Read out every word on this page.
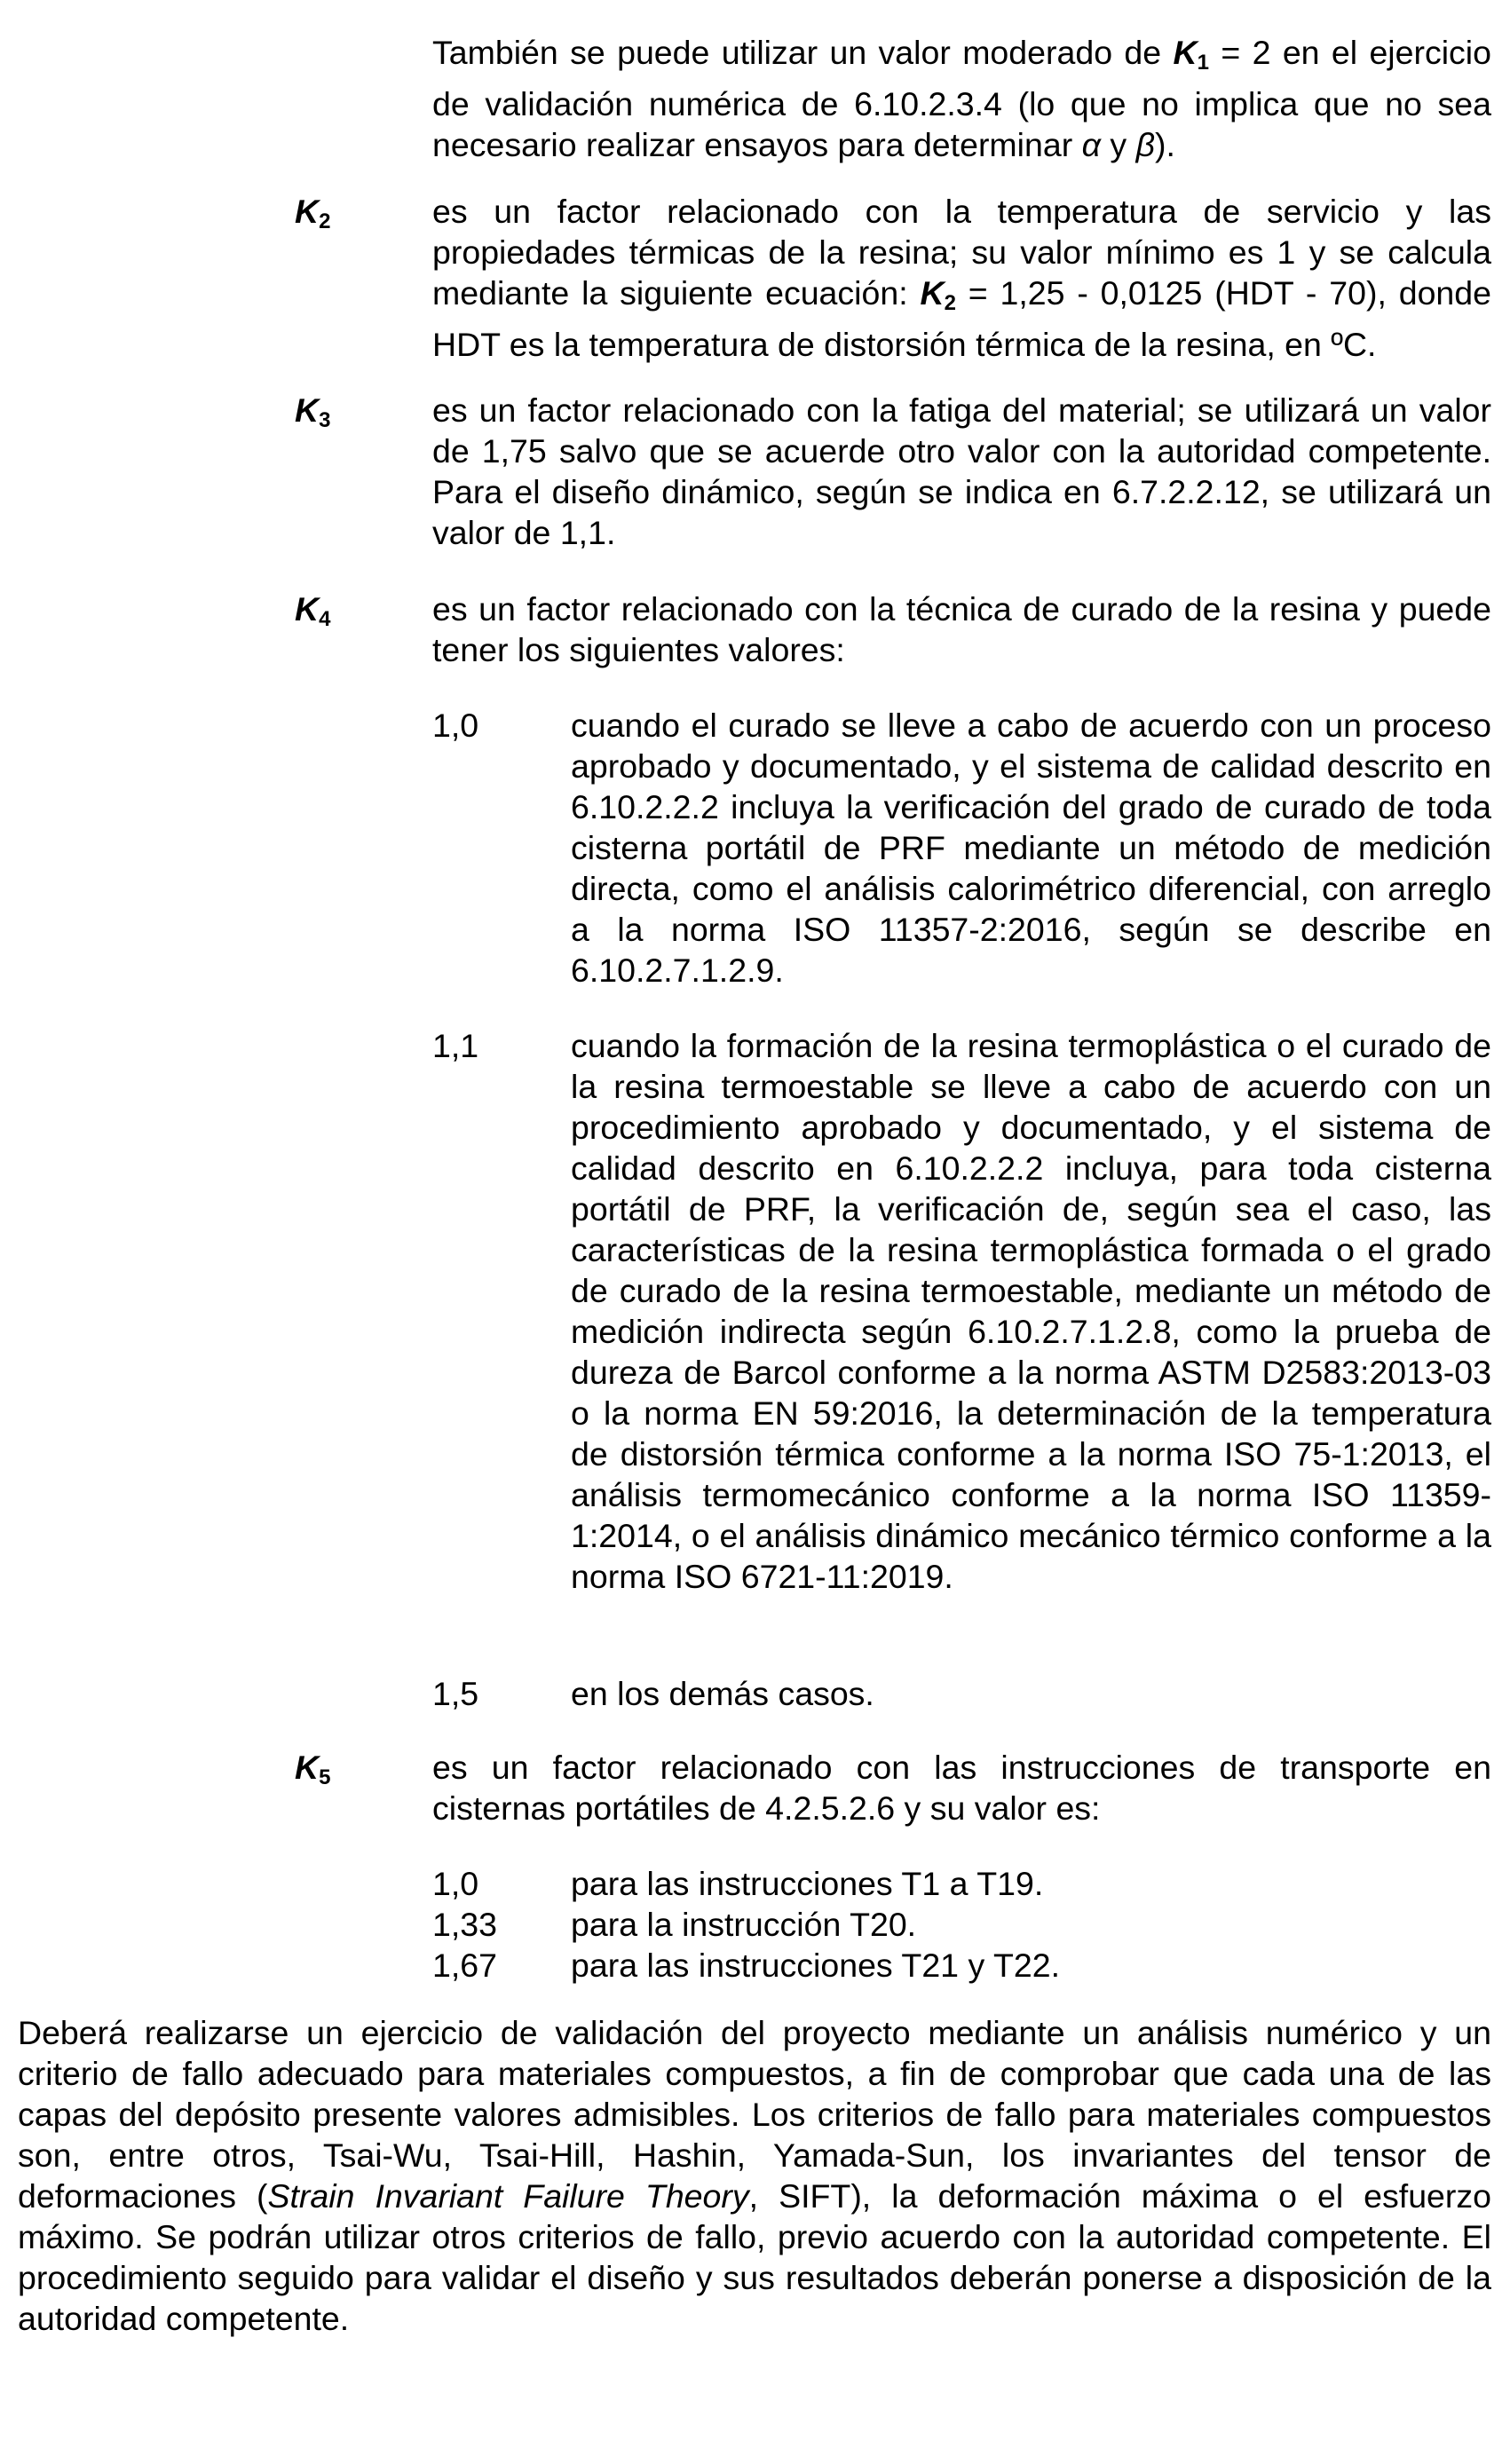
También se puede utilizar un valor moderado de $K_1 = 2$ en el ejercicio de validación numérica de 6.10.2.3.4 (lo que no implica que no sea necesario realizar ensayos para determinar α y β).

$K_2$	es un factor relacionado con la temperatura de servicio y las propiedades térmicas de la resina; su valor mínimo es 1 y se calcula mediante la siguiente ecuación: $K_2 = 1,25 - 0,0125$ (HDT - 70), donde HDT es la temperatura de distorsión térmica de la resina, en ºC.

$K_3$	es un factor relacionado con la fatiga del material; se utilizará un valor de 1,75 salvo que se acuerde otro valor con la autoridad competente. Para el diseño dinámico, según se indica en 6.7.2.2.12, se utilizará un valor de 1,1.

$K_4$	es un factor relacionado con la técnica de curado de la resina y puede tener los siguientes valores:

1,0	cuando el curado se lleve a cabo de acuerdo con un proceso aprobado y documentado, y el sistema de calidad descrito en 6.10.2.2.2 incluya la verificación del grado de curado de toda cisterna portátil de PRF mediante un método de medición directa, como el análisis calorimétrico diferencial, con arreglo a la norma ISO 11357-2:2016, según se describe en 6.10.2.7.1.2.9.

1,1	cuando la formación de la resina termoplástica o el curado de la resina termoestable se lleve a cabo de acuerdo con un procedimiento aprobado y documentado, y el sistema de calidad descrito en 6.10.2.2.2 incluya, para toda cisterna portátil de PRF, la verificación de, según sea el caso, las características de la resina termoplástica formada o el grado de curado de la resina termoestable, mediante un método de medición indirecta según 6.10.2.7.1.2.8, como la prueba de dureza de Barcol conforme a la norma ASTM D2583:2013-03 o la norma EN 59:2016, la determinación de la temperatura de distorsión térmica conforme a la norma ISO 75-1:2013, el análisis termomecánico conforme a la norma ISO 11359-1:2014, o el análisis dinámico mecánico térmico conforme a la norma ISO 6721-11:2019.

1,5	en los demás casos.

$K_5$	es un factor relacionado con las instrucciones de transporte en cisternas portátiles de 4.2.5.2.6 y su valor es:

1,0	para las instrucciones T1 a T19.

1,33 para la instrucción T20.

1,67 para las instrucciones T21 y T22.

Deberá realizarse un ejercicio de validación del proyecto mediante un análisis numérico y un criterio de fallo adecuado para materiales compuestos, a fin de comprobar que cada una de las capas del depósito presente valores admisibles. Los criterios de fallo para materiales compuestos son, entre otros, Tsai-Wu, Tsai-Hill, Hashin, Yamada-Sun, los invariantes del tensor de deformaciones (Strain Invariant Failure Theory, SIFT), la deformación máxima o el esfuerzo máximo. Se podrán utilizar otros criterios de fallo, previo acuerdo con la autoridad competente. El procedimiento seguido para validar el diseño y sus resultados deberán ponerse a disposición de la autoridad competente.
